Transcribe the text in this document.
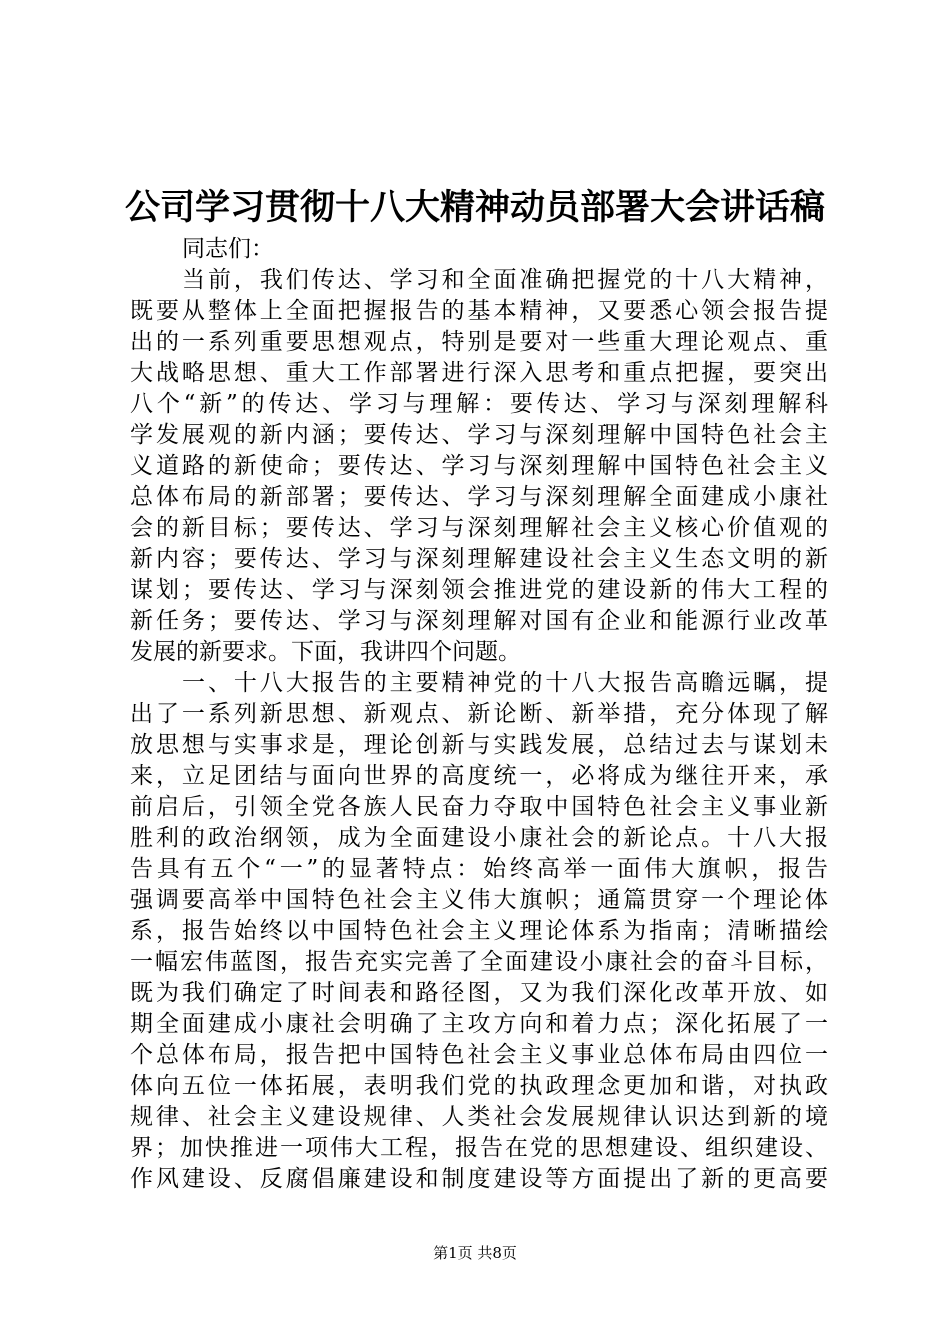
公司学习贯彻十八大精神动员部署大会讲话稿
同志们：
当前，我们传达、学习和全面准确把握党的十八大精神，
既要从整体上全面把握报告的基本精神，又要悉心领会报告提
出的一系列重要思想观点，特别是要对一些重大理论观点、重
大战略思想、重大工作部署进行深入思考和重点把握，要突出
八个“新”的传达、学习与理解：要传达、学习与深刻理解科
学发展观的新内涵；要传达、学习与深刻理解中国特色社会主
义道路的新使命；要传达、学习与深刻理解中国特色社会主义
总体布局的新部署；要传达、学习与深刻理解全面建成小康社
会的新目标；要传达、学习与深刻理解社会主义核心价值观的
新内容；要传达、学习与深刻理解建设社会主义生态文明的新
谋划；要传达、学习与深刻领会推进党的建设新的伟大工程的
新任务；要传达、学习与深刻理解对国有企业和能源行业改革
发展的新要求。下面，我讲四个问题。
一、十八大报告的主要精神党的十八大报告高瞻远瞩，提
出了一系列新思想、新观点、新论断、新举措，充分体现了解
放思想与实事求是，理论创新与实践发展，总结过去与谋划未
来，立足团结与面向世界的高度统一，必将成为继往开来，承
前启后，引领全党各族人民奋力夺取中国特色社会主义事业新
胜利的政治纲领，成为全面建设小康社会的新论点。十八大报
告具有五个“一”的显著特点：始终高举一面伟大旗帜，报告
强调要高举中国特色社会主义伟大旗帜；通篇贯穿一个理论体
系，报告始终以中国特色社会主义理论体系为指南；清晰描绘
一幅宏伟蓝图，报告充实完善了全面建设小康社会的奋斗目标，
既为我们确定了时间表和路径图，又为我们深化改革开放、如
期全面建成小康社会明确了主攻方向和着力点；深化拓展了一
个总体布局，报告把中国特色社会主义事业总体布局由四位一
体向五位一体拓展，表明我们党的执政理念更加和谐，对执政
规律、社会主义建设规律、人类社会发展规律认识达到新的境
界；加快推进一项伟大工程，报告在党的思想建设、组织建设、
作风建设、反腐倡廉建设和制度建设等方面提出了新的更高要
第1页 共8页
